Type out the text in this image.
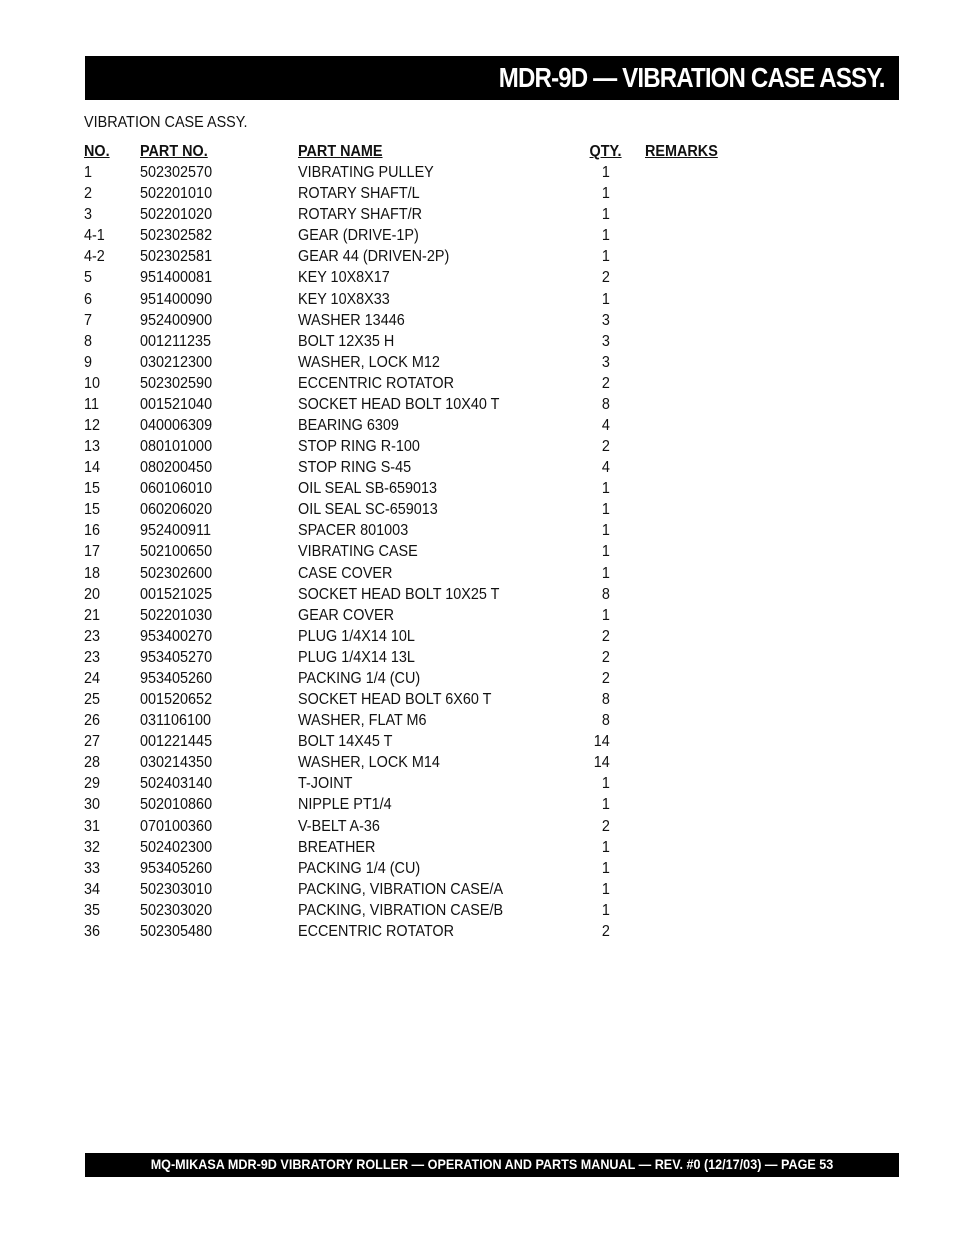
MDR-9D — VIBRATION CASE ASSY.
VIBRATION CASE ASSY.
NO. PART NO.	PART NAME	QTY. REMARKS
1	502302570	VIBRATING PULLEY	1
2	502201010	ROTARY SHAFT/L	1
3	502201020	ROTARY SHAFT/R	1
4-1 502302582	GEAR (DRIVE-1P)	1
4-2 502302581	GEAR 44 (DRIVEN-2P)	1
5	951400081	KEY 10X8X17	2
6	951400090	KEY 10X8X33	1
7	952400900	WASHER 13446	3
8	001211235	BOLT 12X35 H	3
9	030212300	WASHER, LOCK M12	3
10 502302590	ECCENTRIC ROTATOR	2
11	001521040	SOCKET HEAD BOLT 10X40 T	8
12 040006309	BEARING 6309	4
13 080101000	STOP RING R-100	2
14 080200450	STOP RING S-45	4
15 060106010	OIL SEAL SB-659013	1
15 060206020	OIL SEAL SC-659013	1
16 952400911	SPACER 801003	1
17 502100650	VIBRATING CASE	1
18 502302600	CASE COVER	1
20 001521025	SOCKET HEAD BOLT 10X25 T	8
21 502201030	GEAR COVER	1
23 953400270	PLUG 1/4X14 10L	2
23 953405270	PLUG 1/4X14 13L	2
24 953405260	PACKING 1/4 (CU)	2
25 001520652	SOCKET HEAD BOLT 6X60 T	8
26 031106100	WASHER, FLAT M6	8
27 001221445	BOLT 14X45 T	14
28 030214350	WASHER, LOCK M14	14
29 502403140	T-JOINT	1
30 502010860	NIPPLE PT1/4	1
31 070100360	V-BELT A-36	2
32 502402300	BREATHER	1
33 953405260	PACKING 1/4 (CU)	1
34 502303010	PACKING, VIBRATION CASE/A	1
35 502303020	PACKING, VIBRATION CASE/B	1
36 502305480	ECCENTRIC ROTATOR	2
MQ-MIKASA MDR-9D VIBRATORY ROLLER — OPERATION AND PARTS MANUAL — REV. #0 (12/17/03) — PAGE 53
